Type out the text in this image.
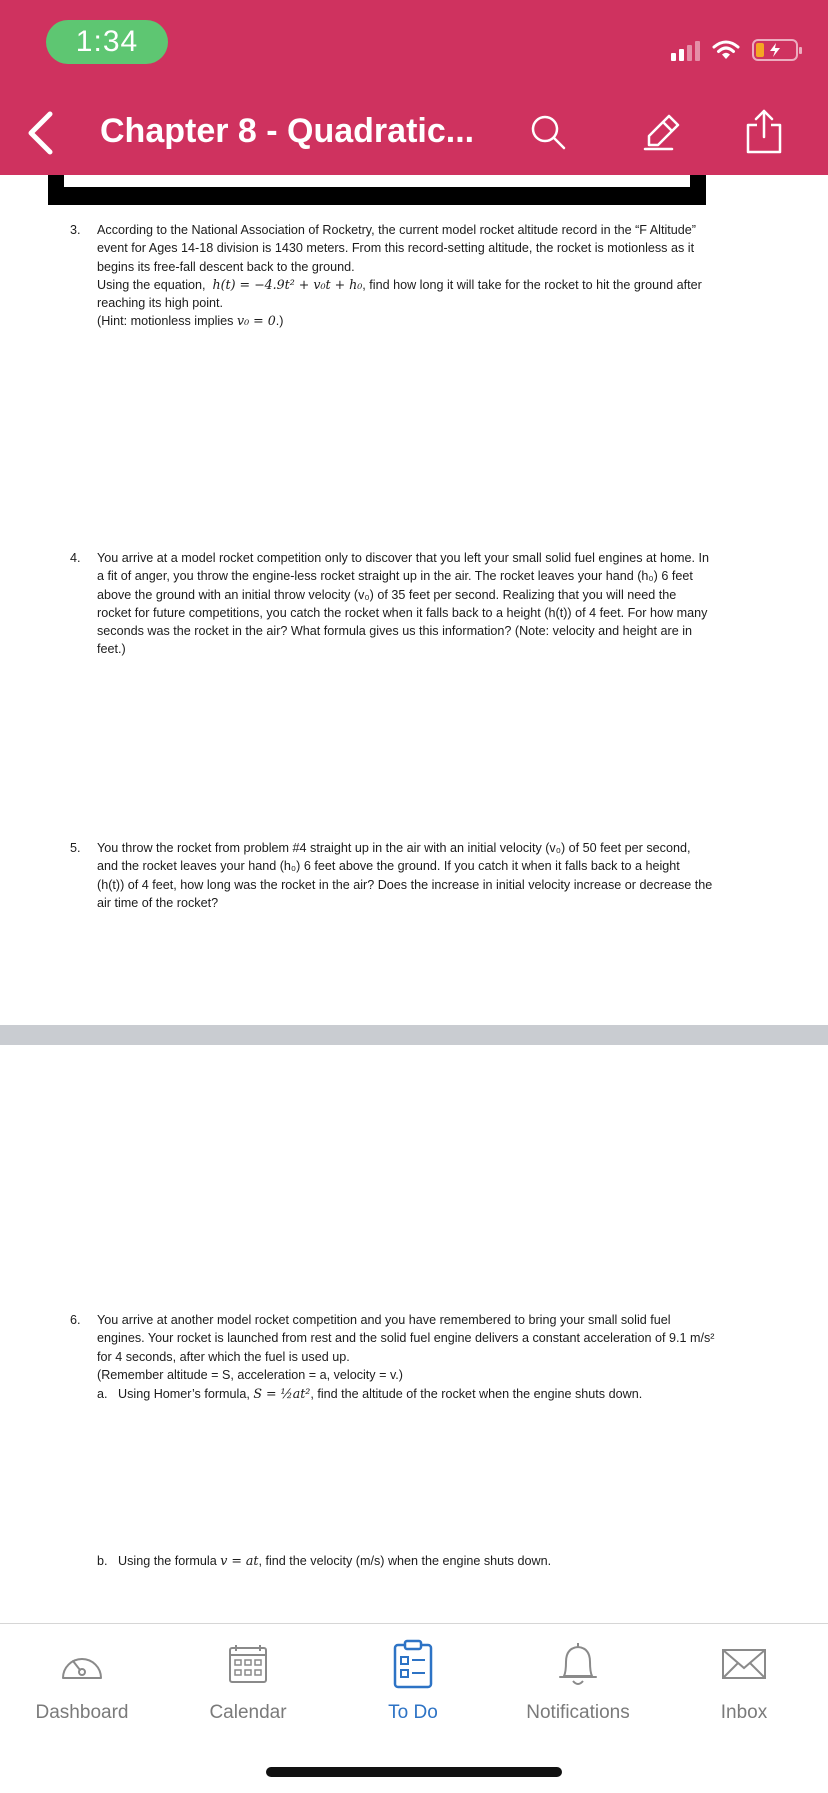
1:34
Chapter 8 - Quadratic...
3. According to the National Association of Rocketry, the current model rocket altitude record in the “F Altitude”

event for Ages 14-18 division is 1430 meters. From this record-setting altitude, the rocket is motionless as it

begins its free-fall descent back to the ground.

Using the equation, h(t) = −4.9t² + v₀t + h₀, find how long it will take for the rocket to hit the ground after

reaching its high point.

(Hint: motionless implies v₀ = 0.)

4. You arrive at a model rocket competition only to discover that you left your small solid fuel engines at home. In

a fit of anger, you throw the engine-less rocket straight up in the air. The rocket leaves your hand (h₀) 6 feet

above the ground with an initial throw velocity (v₀) of 35 feet per second. Realizing that you will need the

rocket for future competitions, you catch the rocket when it falls back to a height (h(t)) of 4 feet. For how many

seconds was the rocket in the air? What formula gives us this information? (Note: velocity and height are in

feet.)

5. You throw the rocket from problem #4 straight up in the air with an initial velocity (v₀) of 50 feet per second,

and the rocket leaves your hand (h₀) 6 feet above the ground. If you catch it when it falls back to a height

(h(t)) of 4 feet, how long was the rocket in the air? Does the increase in initial velocity increase or decrease the

air time of the rocket?

6. You arrive at another model rocket competition and you have remembered to bring your small solid fuel

engines. Your rocket is launched from rest and the solid fuel engine delivers a constant acceleration of 9.1 m/s²

for 4 seconds, after which the fuel is used up.

(Remember altitude = S, acceleration = a, velocity = v.)

a. Using Homer’s formula, S = ½at², find the altitude of the rocket when the engine shuts down.
b. Using the formula v = at, find the velocity (m/s) when the engine shuts down.
Dashboard	Calendar	To Do	Notifications	Inbox
